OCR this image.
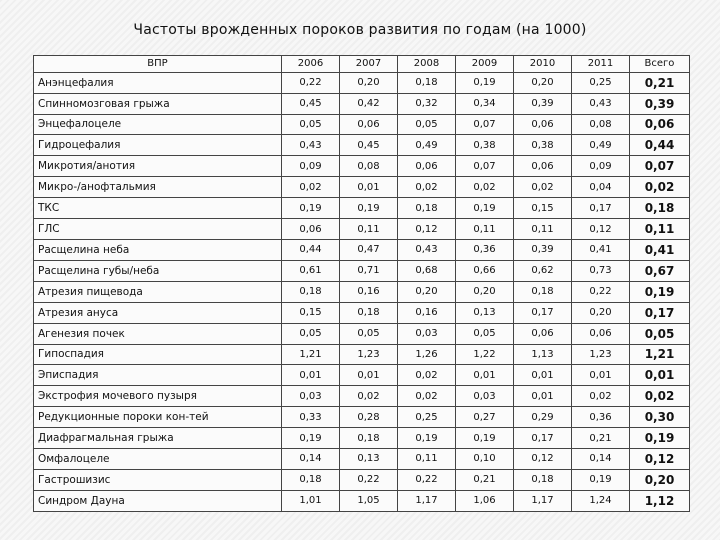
Частоты врожденных пороков развития по годам (на 1000)
ВПР	2006	2007	2008	2009	2010	2011	Всего
Анэнцефалия	0,22	0,20	0,18	0,19	0,20	0,25	0,21
Спинномозговая грыжа	0,45	0,42	0,32	0,34	0,39	0,43	0,39
Энцефалоцеле	0,05	0,06	0,05	0,07	0,06	0,08	0,06
Гидроцефалия	0,43	0,45	0,49	0,38	0,38	0,49	0,44
Микротия/анотия	0,09	0,08	0,06	0,07	0,06	0,09	0,07
Микро-/анофтальмия	0,02	0,01	0,02	0,02	0,02	0,04	0,02
ТКС	0,19	0,19	0,18	0,19	0,15	0,17	0,18
ГЛС	0,06	0,11	0,12	0,11	0,11	0,12	0,11
Расщелина неба	0,44	0,47	0,43	0,36	0,39	0,41	0,41
Расщелина губы/неба	0,61	0,71	0,68	0,66	0,62	0,73	0,67
Атрезия пищевода	0,18	0,16	0,20	0,20	0,18	0,22	0,19
Атрезия ануса	0,15	0,18	0,16	0,13	0,17	0,20	0,17
Агенезия почек	0,05	0,05	0,03	0,05	0,06	0,06	0,05
Гипоспадия	1,21	1,23	1,26	1,22	1,13	1,23	1,21
Эписпадия	0,01	0,01	0,02	0,01	0,01	0,01	0,01
Экстрофия мочевого пузыря	0,03	0,02	0,02	0,03	0,01	0,02	0,02
Редукционные пороки кон-тей	0,33	0,28	0,25	0,27	0,29	0,36	0,30
Диафрагмальная грыжа	0,19	0,18	0,19	0,19	0,17	0,21	0,19
Омфалоцеле	0,14	0,13	0,11	0,10	0,12	0,14	0,12
Гастрошизис	0,18	0,22	0,22	0,21	0,18	0,19	0,20
Синдром Дауна	1,01	1,05	1,17	1,06	1,17	1,24	1,12
